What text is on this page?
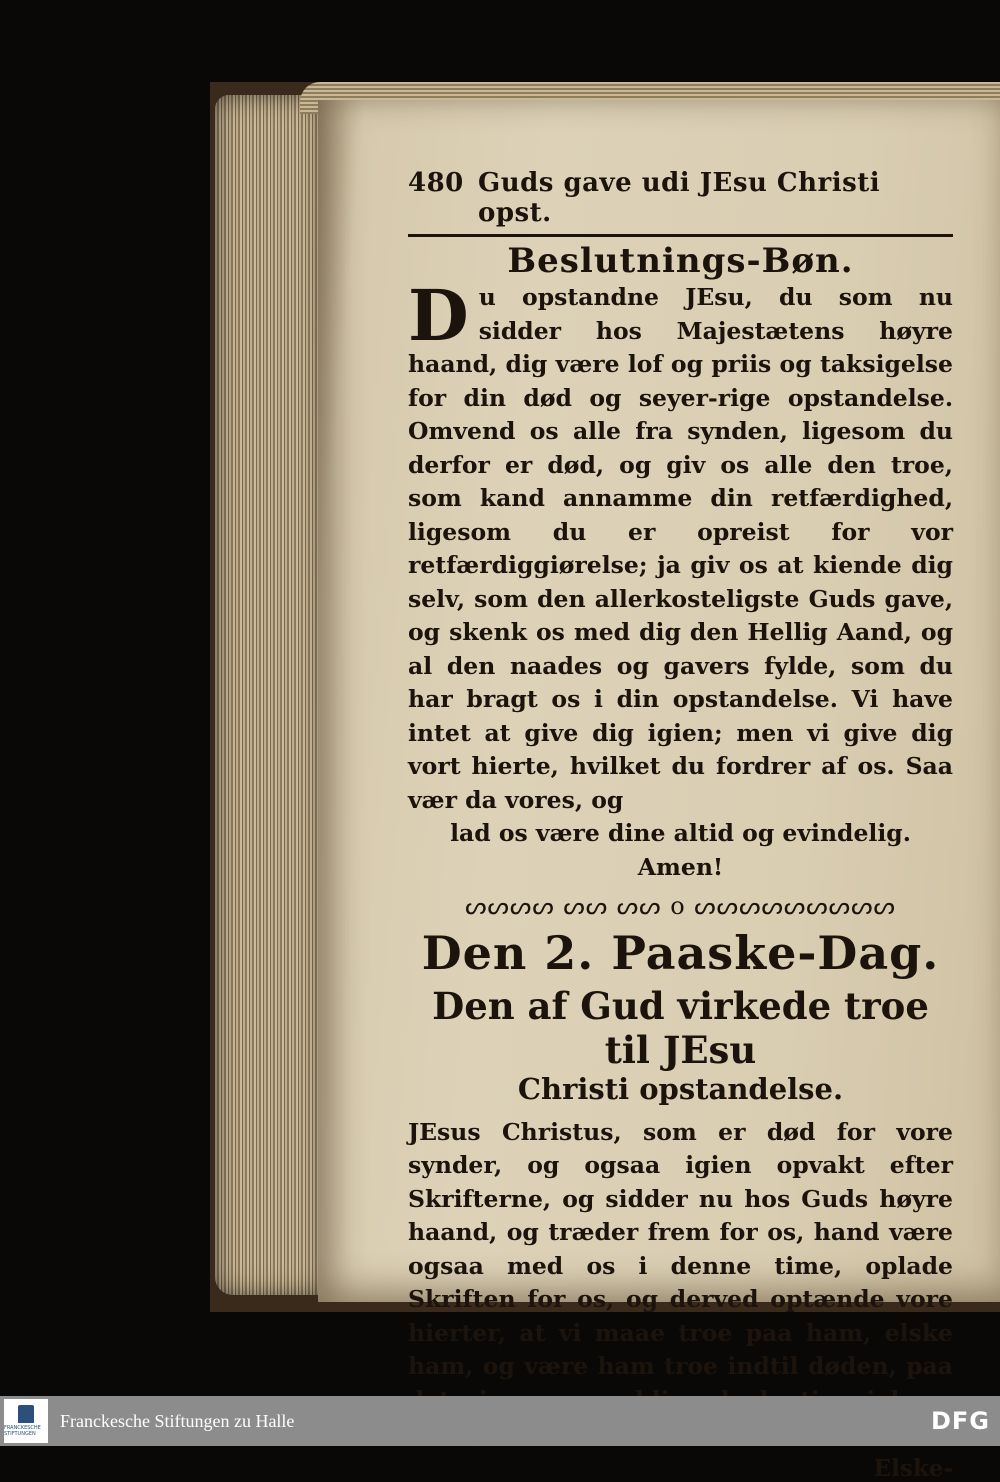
480 Guds gave udi JEsu Christi opst.
Beslutnings-Bøn.
D u opstandne JEsu, du som nu sidder hos Majestætens høyre haand, dig være lof og priis og taksigelse for din død og seyer-rige opstandelse. Omvend os alle fra synden, ligesom du derfor er død, og giv os alle den troe, som kand annamme din retfærdighed, ligesom du er opreist for vor retfærdiggiørelse; ja giv os at kiende dig selv, som den allerkosteligste Guds gave, og skenk os med dig den Hellig Aand, og al den naades og gavers fylde, som du har bragt os i din opstandelse. Vi have intet at give dig igien; men vi give dig vort hierte, hvilket du fordrer af os. Saa vær da vores, og
lad os være dine altid og evindelig.
Amen!
ᔕᔕᔕᔕ ᔕᔕ ᔕᔕ o ᔕᔕᔕᔕᔕᔕᔕᔕᔕ
Den 2. Paaske-Dag.
Den af Gud virkede troe til JEsu
Christi opstandelse.
JEsus Christus, som er død for vore synder, og ogsaa igien opvakt efter Skrifterne, og sidder nu hos Guds høyre haand, og træder frem for os, hand være ogsaa med os i denne time, oplade Skriften for os, og derved optænde vore hierter, at vi maae troe paa ham, elske ham, og være ham troe indtil døden, paa
Elske-
FRANCKESCHE STIFTUNGEN
Franckesche Stiftungen zu Halle	DFG
